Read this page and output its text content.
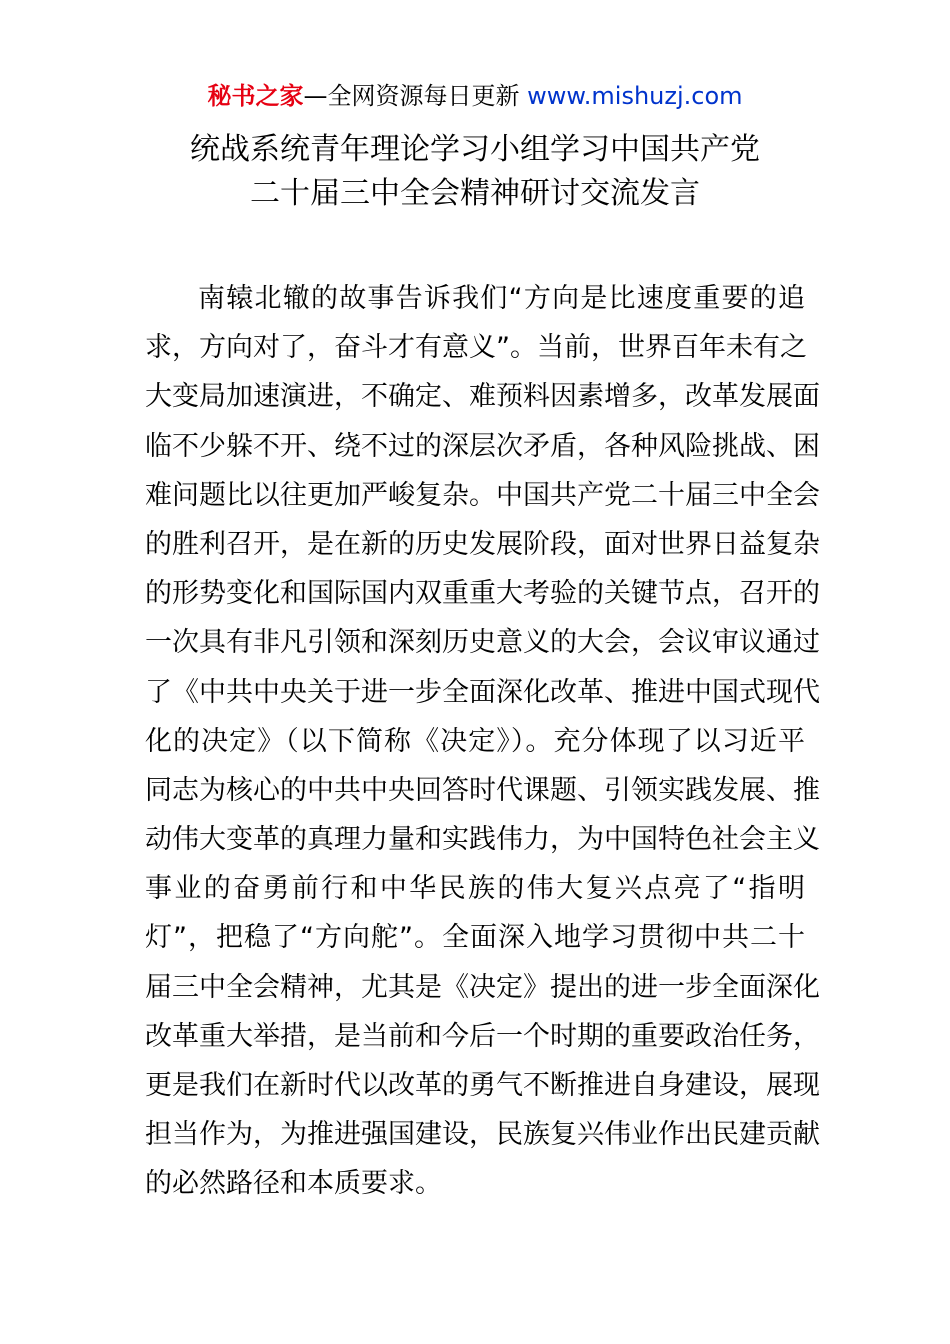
秘书之家—全网资源每日更新 www.mishuzj.com
统战系统青年理论学习小组学习中国共产党
二十届三中全会精神研讨交流发言
南辕北辙的故事告诉我们“方向是比速度重要的追
求，方向对了，奋斗才有意义”。当前，世界百年未有之
大变局加速演进，不确定、难预料因素增多，改革发展面
临不少躲不开、绕不过的深层次矛盾，各种风险挑战、困
难问题比以往更加严峻复杂。中国共产党二十届三中全会
的胜利召开，是在新的历史发展阶段，面对世界日益复杂
的形势变化和国际国内双重重大考验的关键节点，召开的
一次具有非凡引领和深刻历史意义的大会，会议审议通过
了《中共中央关于进一步全面深化改革、推进中国式现代
化的决定》（以下简称《决定》）。充分体现了以习近平
同志为核心的中共中央回答时代课题、引领实践发展、推
动伟大变革的真理力量和实践伟力，为中国特色社会主义
事业的奋勇前行和中华民族的伟大复兴点亮了“指明
灯”，把稳了“方向舵”。全面深入地学习贯彻中共二十
届三中全会精神，尤其是《决定》提出的进一步全面深化
改革重大举措，是当前和今后一个时期的重要政治任务，
更是我们在新时代以改革的勇气不断推进自身建设，展现
担当作为，为推进强国建设，民族复兴伟业作出民建贡献
的必然路径和本质要求。
